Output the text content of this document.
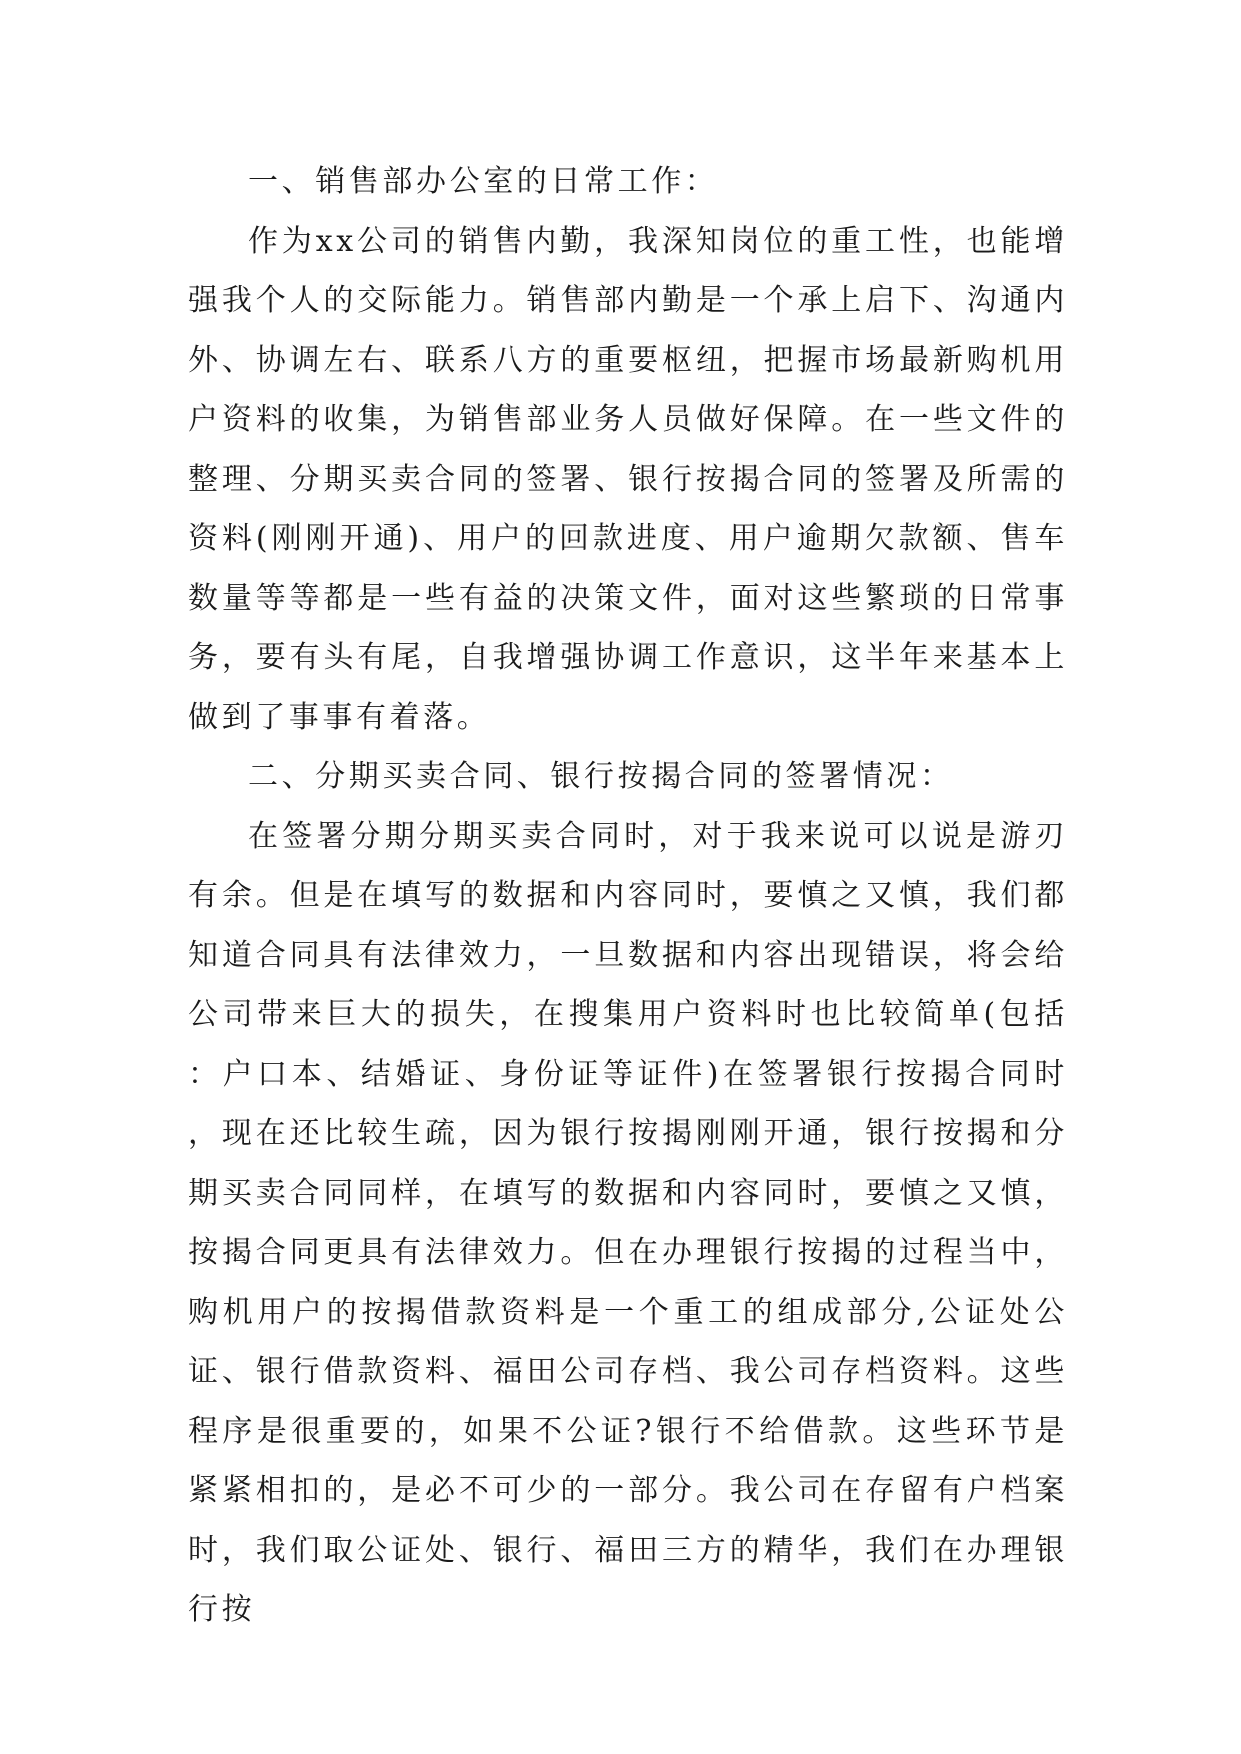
一、销售部办公室的日常工作：

作为xx公司的销售内勤，我深知岗位的重工性，也能增强我个人的交际能力。销售部内勤是一个承上启下、沟通内外、协调左右、联系八方的重要枢纽，把握市场最新购机用户资料的收集，为销售部业务人员做好保障。在一些文件的整理、分期买卖合同的签署、银行按揭合同的签署及所需的资料(刚刚开通)、用户的回款进度、用户逾期欠款额、售车数量等等都是一些有益的决策文件，面对这些繁琐的日常事务，要有头有尾，自我增强协调工作意识，这半年来基本上做到了事事有着落。

二、分期买卖合同、银行按揭合同的签署情况：

在签署分期分期买卖合同时，对于我来说可以说是游刃有余。但是在填写的数据和内容同时，要慎之又慎，我们都知道合同具有法律效力，一旦数据和内容出现错误，将会给公司带来巨大的损失，在搜集用户资料时也比较简单(包括：户口本、结婚证、身份证等证件)在签署银行按揭合同时，现在还比较生疏，因为银行按揭刚刚开通，银行按揭和分期买卖合同同样，在填写的数据和内容同时，要慎之又慎，按揭合同更具有法律效力。但在办理银行按揭的过程当中，购机用户的按揭借款资料是一个重工的组成部分,公证处公证、银行借款资料、福田公司存档、我公司存档资料。这些程序是很重要的，如果不公证?银行不给借款。这些环节是紧紧相扣的，是必不可少的一部分。我公司在存留有户档案时，我们取公证处、银行、福田三方的精华，我们在办理银行按
